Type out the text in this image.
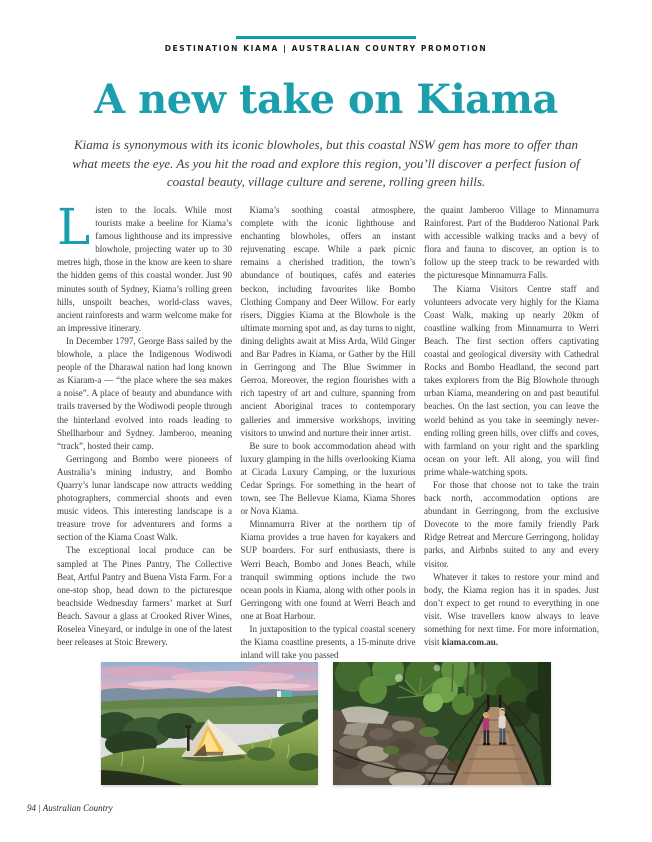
DESTINATION KIAMA | AUSTRALIAN COUNTRY PROMOTION
A new take on Kiama

Kiama is synonymous with its iconic blowholes, but this coastal NSW gem has more to offer than what meets the eye. As you hit the road and explore this region, you’ll discover a perfect fusion of coastal beauty, village culture and serene, rolling green hills.

Listen to the locals. While most tourists make a beeline for Kiama’s famous lighthouse and its impressive blowhole, projecting water up to 30 metres high, those in the know are keen to share the hidden gems of this coastal wonder. Just 90 minutes south of Sydney, Kiama’s rolling green hills, unspoilt beaches, world-class waves, ancient rainforests and warm welcome make for an impressive itinerary.

In December 1797, George Bass sailed by the blowhole, a place the Indigenous Wodiwodi people of the Dharawal nation had long known as Kiaram-a — “the place where the sea makes a noise”. A place of beauty and abundance with trails traversed by the Wodiwodi people through the hinterland evolved into roads leading to Shellharbour and Sydney. Jamberoo, meaning “track”, hosted their camp.

Gerringong and Bombo were pioneers of Australia’s mining industry, and Bombo Quarry’s lunar landscape now attracts wedding photographers, commercial shoots and even music videos. This interesting landscape is a treasure trove for adventurers and forms a section of the Kiama Coast Walk.

The exceptional local produce can be sampled at The Pines Pantry, The Collective Beat, Artful Pantry and Buena Vista Farm. For a one-stop shop, head down to the picturesque beachside Wednesday farmers’ market at Surf Beach. Savour a glass at Crooked River Wines, Roselea Vineyard, or indulge in one of the latest beer releases at Stoic Brewery.

Kiama’s soothing coastal atmosphere, complete with the iconic lighthouse and enchanting blowholes, offers an instant rejuvenating escape. While a park picnic remains a cherished tradition, the town’s abundance of boutiques, cafés and eateries beckon, including favourites like Bombo Clothing Company and Deer Willow. For early risers, Diggies Kiama at the Blowhole is the ultimate morning spot and, as day turns to night, dining delights await at Miss Arda, Wild Ginger and Bar Padres in Kiama, or Gather by the Hill in Gerringong and The Blue Swimmer in Gerroa. Moreover, the region flourishes with a rich tapestry of art and culture, spanning from ancient Aboriginal traces to contemporary galleries and immersive workshops, inviting visitors to unwind and nurture their inner artist.

Be sure to book accommodation ahead with luxury glamping in the hills overlooking Kiama at Cicada Luxury Camping, or the luxurious Cedar Springs. For something in the heart of town, see The Bellevue Kiama, Kiama Shores or Nova Kiama.

Minnamurra River at the northern tip of Kiama provides a true haven for kayakers and SUP boarders. For surf enthusiasts, there is Werri Beach, Bombo and Jones Beach, while tranquil swimming options include the two ocean pools in Kiama, along with other pools in Gerringong with one found at Werri Beach and one at Boat Harbour.

In juxtaposition to the typical coastal scenery the Kiama coastline presents, a 15-minute drive inland will take you passed

the quaint Jamberoo Village to Minnamurra Rainforest. Part of the Budderoo National Park with accessible walking tracks and a bevy of flora and fauna to discover, an option is to follow up the steep track to be rewarded with the picturesque Minnamurra Falls.

The Kiama Visitors Centre staff and volunteers advocate very highly for the Kiama Coast Walk, making up nearly 20km of coastline walking from Minnamurra to Werri Beach. The first section offers captivating coastal and geological diversity with Cathedral Rocks and Bombo Headland, the second part takes explorers from the Big Blowhole through urban Kiama, meandering on and past beautiful beaches. On the last section, you can leave the world behind as you take in seemingly never-ending rolling green hills, over cliffs and coves, with farmland on your right and the sparkling ocean on your left. All along, you will find prime whale-watching spots.

For those that choose not to take the train back north, accommodation options are abundant in Gerringong, from the exclusive Dovecote to the more family friendly Park Ridge Retreat and Mercure Gerringong, holiday parks, and Airbnbs suited to any and every visitor.

Whatever it takes to restore your mind and body, the Kiama region has it in spades. Just don’t expect to get round to everything in one visit. Wise travellers know always to leave something for next time. For more information, visit kiama.com.au.

94 | Australian Country
